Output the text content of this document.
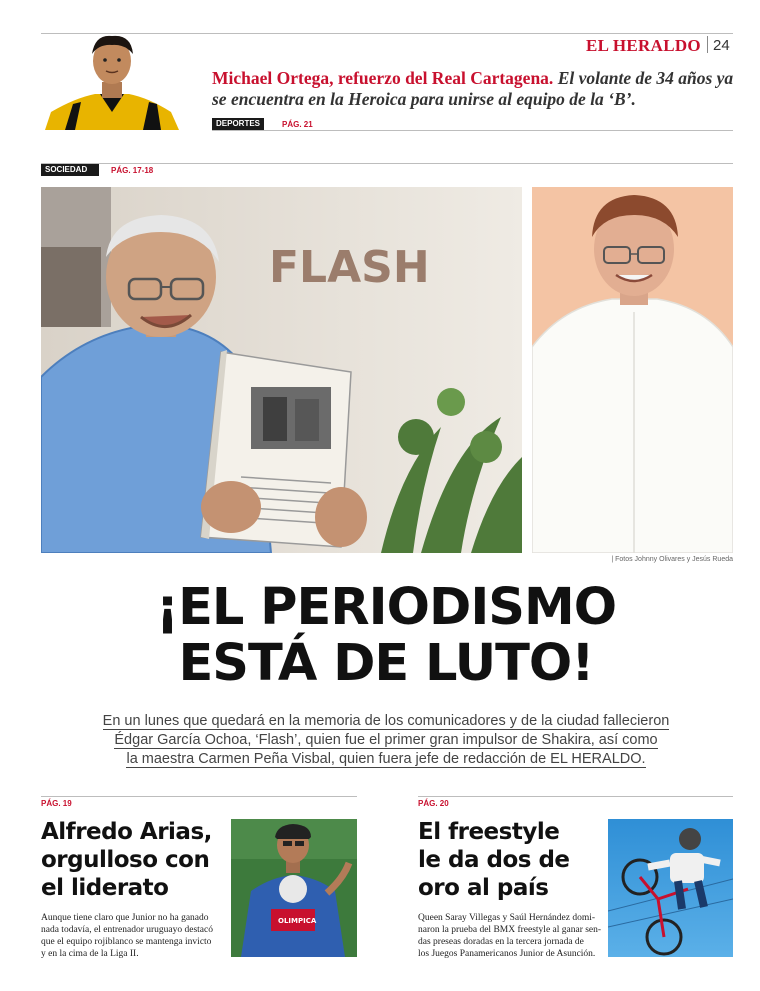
EL HERALDO 24
Michael Ortega, refuerzo del Real Cartagena. El volante de 34 años ya se encuentra en la Heroica para unirse al equipo de la ‘B’.
DEPORTES	PÁG. 21
SOCIEDAD	PÁG. 17-18
FLASH
| Fotos Johnny Olivares y Jesús Rueda
¡EL PERIODISMO
ESTÁ DE LUTO!
En un lunes que quedará en la memoria de los comunicadores y de la ciudad fallecieron
Édgar García Ochoa, ‘Flash’, quien fue el primer gran impulsor de Shakira, así como
la maestra Carmen Peña Visbal, quien fuera jefe de redacción de EL HERALDO.
PÁG. 19
Alfredo Arias,
orgulloso con
el liderato
Aunque tiene claro que Junior no ha ganado
nada todavía, el entrenador uruguayo destacó
que el equipo rojiblanco se mantenga invicto
y en la cima de la Liga II.
OLIMPICA
PÁG. 20
El freestyle
le da dos de
oro al país
Queen Saray Villegas y Saúl Hernández domi-
naron la prueba del BMX freestyle al ganar sen-
das preseas doradas en la tercera jornada de
los Juegos Panamericanos Junior de Asunción.
